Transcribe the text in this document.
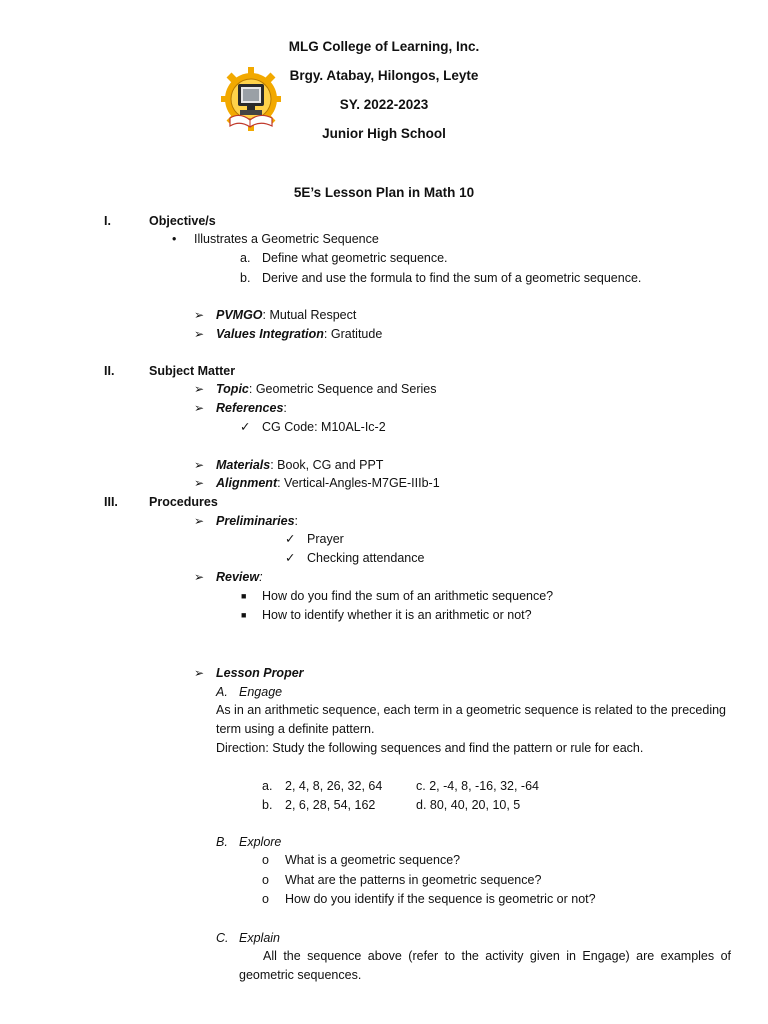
MLG College of Learning, Inc.
Brgy. Atabay, Hilongos, Leyte
SY. 2022-2023
Junior High School
5E’s Lesson Plan in Math 10
I.	Objective/s
• Illustrates a Geometric Sequence
a. Define what geometric sequence.
b. Derive and use the formula to find the sum of a geometric sequence.
➢ PVMGO: Mutual Respect
➢ Values Integration: Gratitude
II.	Subject Matter
➢ Topic: Geometric Sequence and Series
➢ References:
✓ CG Code: M10AL-Ic-2
➢ Materials: Book, CG and PPT
➢ Alignment: Vertical-Angles-M7GE-IIIb-1
III. Procedures
➢ Preliminaries:
✓ Prayer
✓ Checking attendance
➢ Review:
■ How do you find the sum of an arithmetic sequence?
■ How to identify whether it is an arithmetic or not?
➢ Lesson Proper
A. Engage
As in an arithmetic sequence, each term in a geometric sequence is related to the preceding term using a definite pattern.
Direction: Study the following sequences and find the pattern or rule for each.
a. 2, 4, 8, 26, 32, 64	c. 2, -4, 8, -16, 32, -64
b. 2, 6, 28, 54, 162	d. 80, 40, 20, 10, 5
B. Explore
o What is a geometric sequence?
o What are the patterns in geometric sequence?
o How do you identify if the sequence is geometric or not?
C. Explain
All the sequence above (refer to the activity given in Engage) are examples of geometric sequences.
